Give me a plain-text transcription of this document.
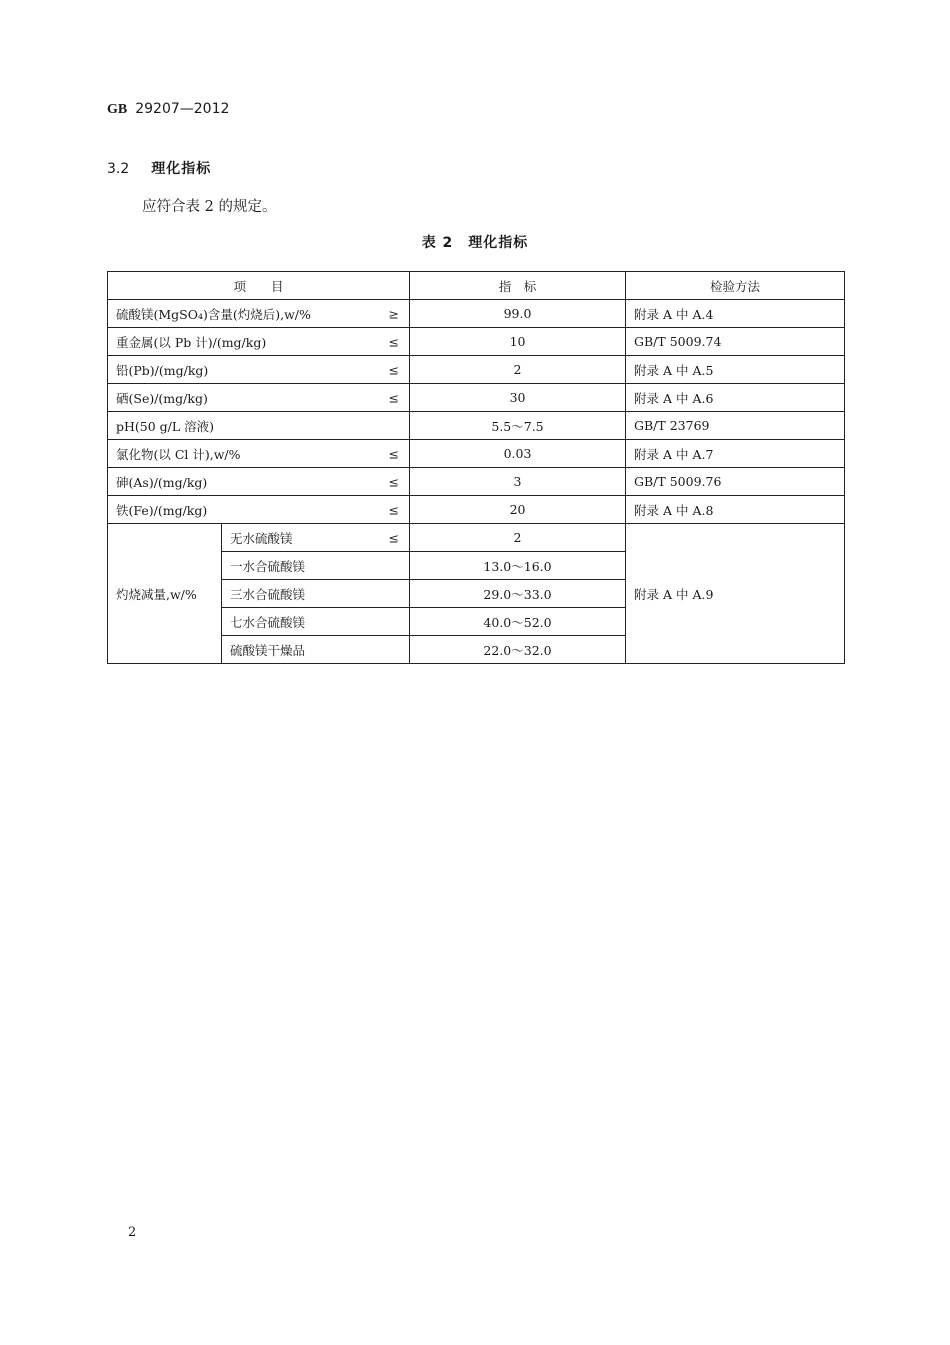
GB 29207—2012
3.2 理化指标
应符合表 2 的规定。
表 2　理化指标
项　　目		指　标	检验方法
硫酸镁(MgSO₄)含量(灼烧后),w/% ≥		99.0	附录 A 中 A.4
重金属(以 Pb 计)/(mg/kg) ≤		10	GB/T 5009.74
铅(Pb)/(mg/kg) ≤		2	附录 A 中 A.5
硒(Se)/(mg/kg) ≤		30	附录 A 中 A.6
pH(50 g/L 溶液)		5.5～7.5	GB/T 23769
氯化物(以 Cl 计),w/% ≤		0.03	附录 A 中 A.7
砷(As)/(mg/kg) ≤		3	GB/T 5009.76
铁(Fe)/(mg/kg) ≤		20	附录 A 中 A.8
灼烧减量,w/%	无水硫酸镁 ≤	2	附录 A 中 A.9
	一水合硫酸镁	13.0～16.0	
	三水合硫酸镁	29.0～33.0	
	七水合硫酸镁	40.0～52.0	
	硫酸镁干燥品	22.0～32.0	
2
